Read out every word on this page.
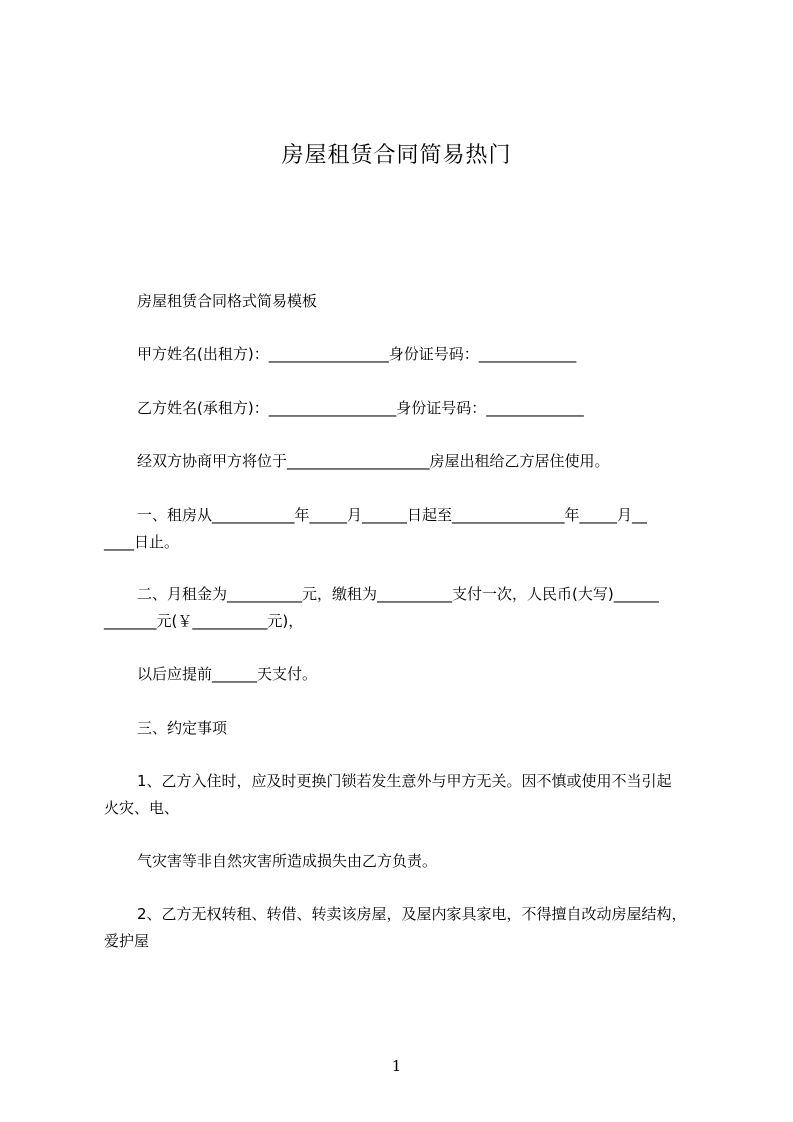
房屋租赁合同简易热门
房屋租赁合同格式简易模板
甲方姓名(出租方)：________________身份证号码：_____________
乙方姓名(承租方)：_________________身份证号码：_____________
经双方协商甲方将位于___________________房屋出租给乙方居住使用。
一、租房从___________年_____月______日起至_______________年_____月__
____日止。
二、月租金为__________元，缴租为__________支付一次，人民币(大写)______
_______元(￥__________元)，
以后应提前______天支付。
三、约定事项
1、乙方入住时，应及时更换门锁若发生意外与甲方无关。因不慎或使用不当引起
火灾、电、
气灾害等非自然灾害所造成损失由乙方负责。
2、乙方无权转租、转借、转卖该房屋，及屋内家具家电，不得擅自改动房屋结构，
爱护屋
1
